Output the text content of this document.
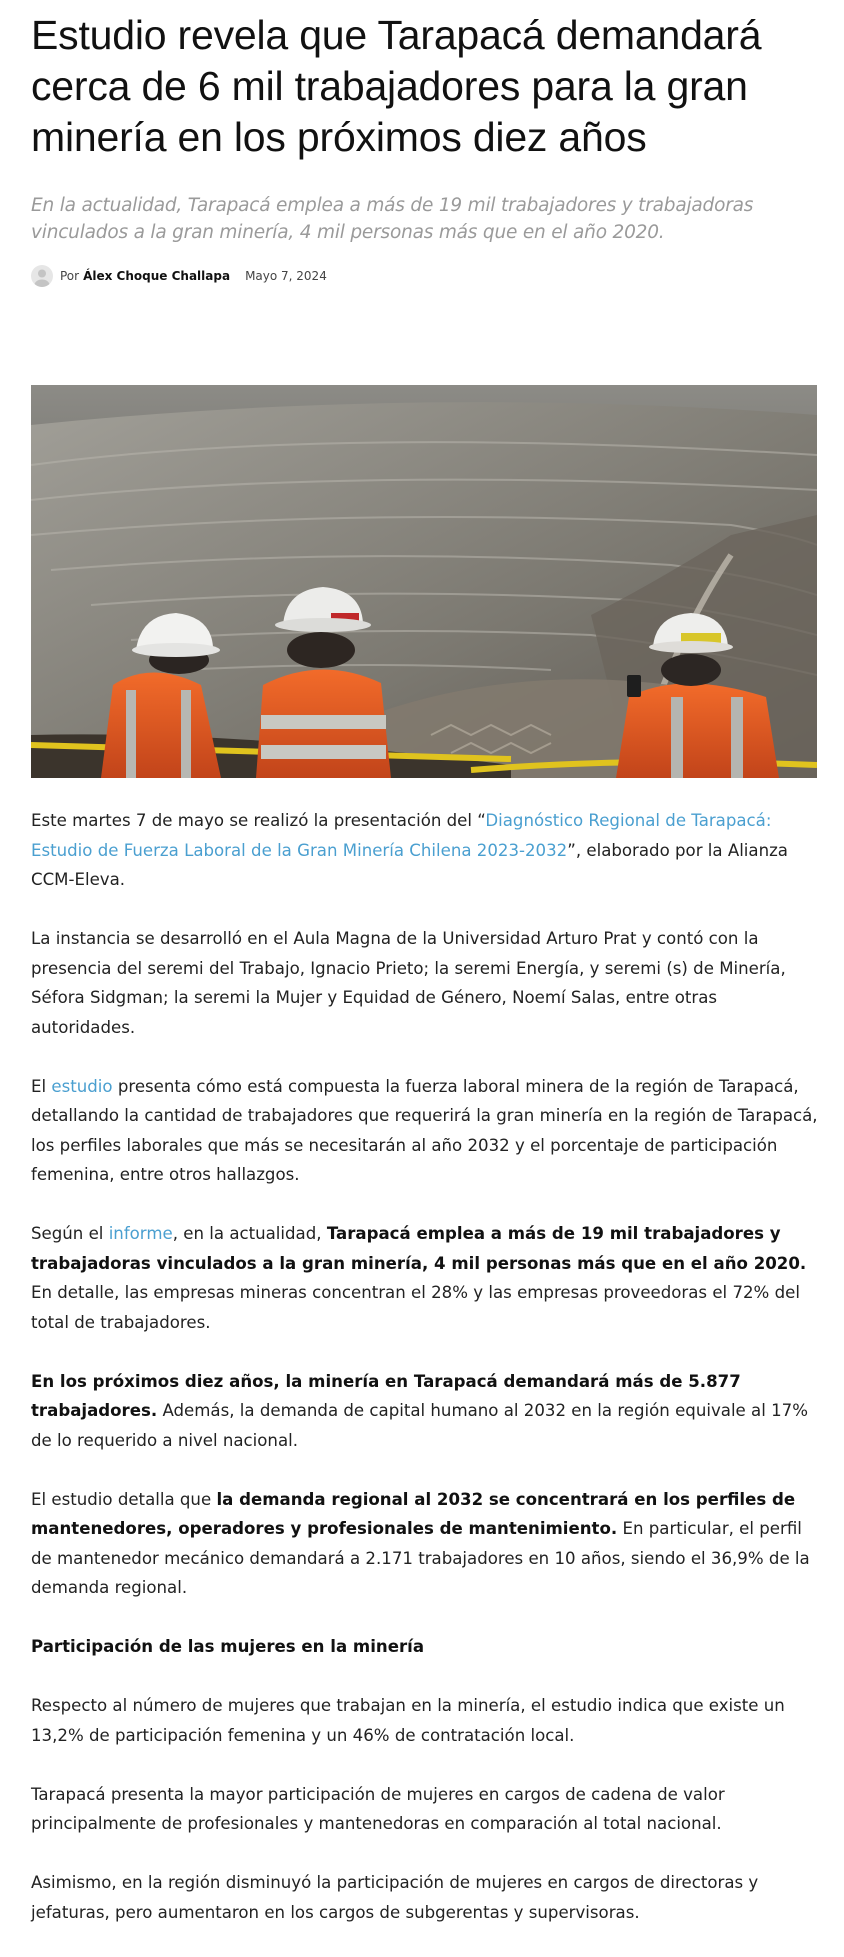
Estudio revela que Tarapacá demandará cerca de 6 mil trabajadores para la gran minería en los próximos diez años
En la actualidad, Tarapacá emplea a más de 19 mil trabajadores y trabajadoras vinculados a la gran minería, 4 mil personas más que en el año 2020.
Por Álex Choque Challapa Mayo 7, 2024

Este martes 7 de mayo se realizó la presentación del “Diagnóstico Regional de Tarapacá: Estudio de Fuerza Laboral de la Gran Minería Chilena 2023-2032”, elaborado por la Alianza CCM-Eleva.

La instancia se desarrolló en el Aula Magna de la Universidad Arturo Prat y contó con la presencia del seremi del Trabajo, Ignacio Prieto; la seremi Energía, y seremi (s) de Minería, Séfora Sidgman; la seremi la Mujer y Equidad de Género, Noemí Salas, entre otras autoridades.

El estudio presenta cómo está compuesta la fuerza laboral minera de la región de Tarapacá, detallando la cantidad de trabajadores que requerirá la gran minería en la región de Tarapacá, los perfiles laborales que más se necesitarán al año 2032 y el porcentaje de participación femenina, entre otros hallazgos.

Según el informe, en la actualidad, Tarapacá emplea a más de 19 mil trabajadores y trabajadoras vinculados a la gran minería, 4 mil personas más que en el año 2020. En detalle, las empresas mineras concentran el 28% y las empresas proveedoras el 72% del total de trabajadores.

En los próximos diez años, la minería en Tarapacá demandará más de 5.877 trabajadores. Además, la demanda de capital humano al 2032 en la región equivale al 17% de lo requerido a nivel nacional.

El estudio detalla que la demanda regional al 2032 se concentrará en los perfiles de mantenedores, operadores y profesionales de mantenimiento. En particular, el perfil de mantenedor mecánico demandará a 2.171 trabajadores en 10 años, siendo el 36,9% de la demanda regional.

Participación de las mujeres en la minería

Respecto al número de mujeres que trabajan en la minería, el estudio indica que existe un 13,2% de participación femenina y un 46% de contratación local.

Tarapacá presenta la mayor participación de mujeres en cargos de cadena de valor principalmente de profesionales y mantenedoras en comparación al total nacional.

Asimismo, en la región disminuyó la participación de mujeres en cargos de directoras y jefaturas, pero aumentaron en los cargos de subgerentas y supervisoras.
